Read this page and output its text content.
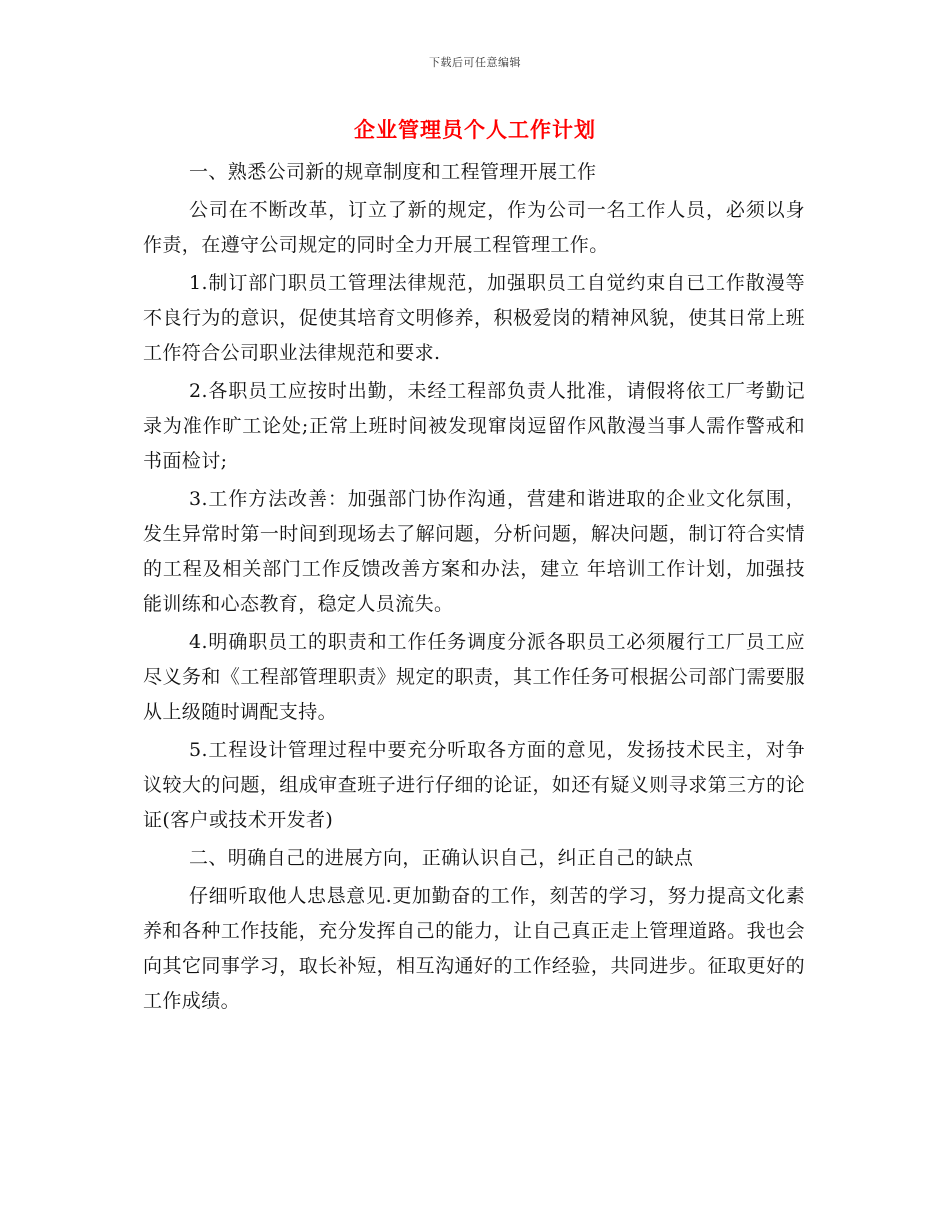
下载后可任意编辑
企业管理员个人工作计划

一、熟悉公司新的规章制度和工程管理开展工作

公司在不断改革，订立了新的规定，作为公司一名工作人员，必须以身作责，在遵守公司规定的同时全力开展工程管理工作。

1.制订部门职员工管理法律规范，加强职员工自觉约束自已工作散漫等不良行为的意识，促使其培育文明修养，积极爱岗的精神风貌，使其日常上班工作符合公司职业法律规范和要求.

2.各职员工应按时出勤，未经工程部负责人批准，请假将依工厂考勤记录为准作旷工论处;正常上班时间被发现窜岗逗留作风散漫当事人需作警戒和书面检讨;

3.工作方法改善：加强部门协作沟通，营建和谐进取的企业文化氛围，发生异常时第一时间到现场去了解问题，分析问题，解决问题，制订符合实情的工程及相关部门工作反馈改善方案和办法，建立 年培训工作计划，加强技能训练和心态教育，稳定人员流失。

4.明确职员工的职责和工作任务调度分派各职员工必须履行工厂员工应尽义务和《工程部管理职责》规定的职责，其工作任务可根据公司部门需要服从上级随时调配支持。

5.工程设计管理过程中要充分听取各方面的意见，发扬技术民主，对争议较大的问题，组成审查班子进行仔细的论证，如还有疑义则寻求第三方的论证(客户或技术开发者)

二、明确自己的进展方向，正确认识自己，纠正自己的缺点

仔细听取他人忠恳意见.更加勤奋的工作，刻苦的学习，努力提高文化素养和各种工作技能，充分发挥自己的能力，让自己真正走上管理道路。我也会向其它同事学习，取长补短，相互沟通好的工作经验，共同进步。征取更好的工作成绩。
